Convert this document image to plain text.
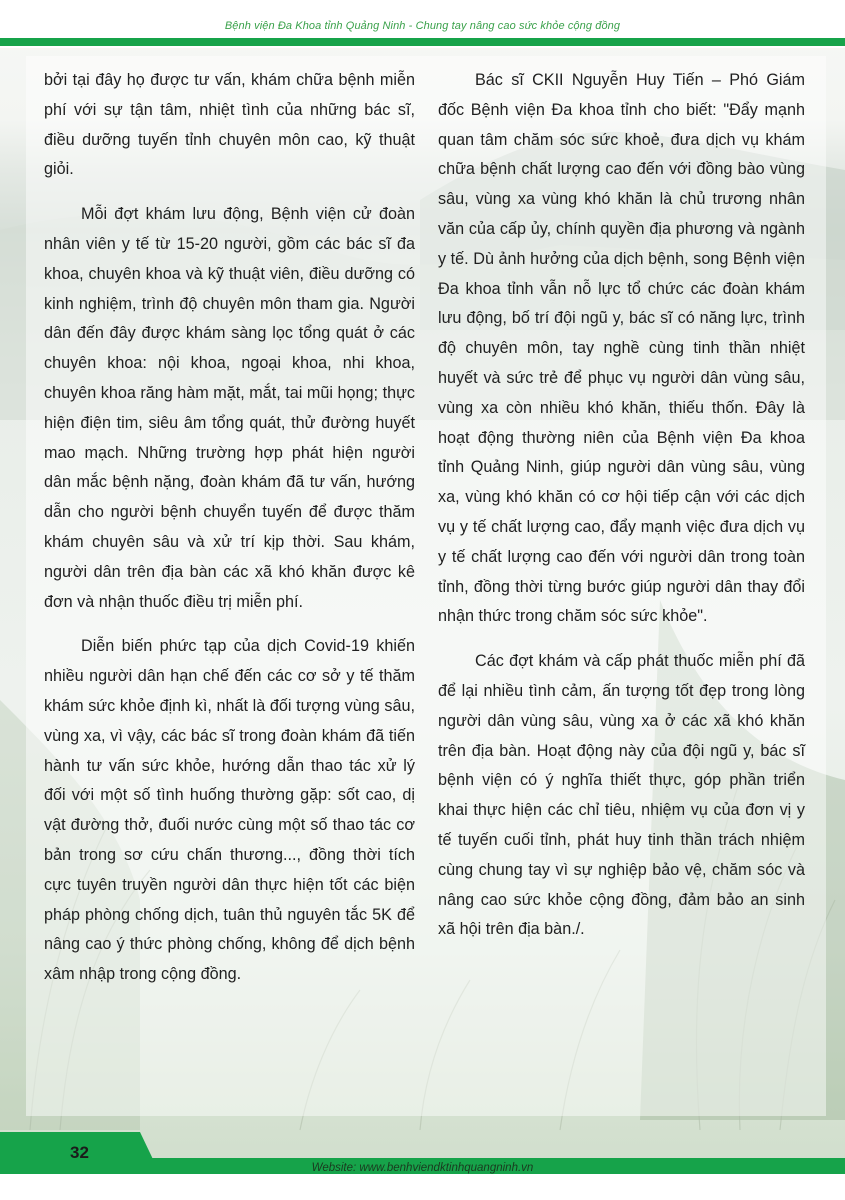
Bệnh viện Đa Khoa tỉnh Quảng Ninh - Chung tay nâng cao sức khỏe cộng đồng

bởi tại đây họ được tư vấn, khám chữa bệnh miễn phí với sự tận tâm, nhiệt tình của những bác sĩ, điều dưỡng tuyến tỉnh chuyên môn cao, kỹ thuật giỏi.

Mỗi đợt khám lưu động, Bệnh viện cử đoàn nhân viên y tế từ 15-20 người, gồm các bác sĩ đa khoa, chuyên khoa và kỹ thuật viên, điều dưỡng có kinh nghiệm, trình độ chuyên môn tham gia. Người dân đến đây được khám sàng lọc tổng quát ở các chuyên khoa: nội khoa, ngoại khoa, nhi khoa, chuyên khoa răng hàm mặt, mắt, tai mũi họng; thực hiện điện tim, siêu âm tổng quát, thử đường huyết mao mạch. Những trường hợp phát hiện người dân mắc bệnh nặng, đoàn khám đã tư vấn, hướng dẫn cho người bệnh chuyển tuyến để được thăm khám chuyên sâu và xử trí kịp thời. Sau khám, người dân trên địa bàn các xã khó khăn được kê đơn và nhận thuốc điều trị miễn phí.

Diễn biến phức tạp của dịch Covid-19 khiến nhiều người dân hạn chế đến các cơ sở y tế thăm khám sức khỏe định kì, nhất là đối tượng vùng sâu, vùng xa, vì vậy, các bác sĩ trong đoàn khám đã tiến hành tư vấn sức khỏe, hướng dẫn thao tác xử lý đối với một số tình huống thường gặp: sốt cao, dị vật đường thở, đuối nước cùng một số thao tác cơ bản trong sơ cứu chấn thương..., đồng thời tích cực tuyên truyền người dân thực hiện tốt các biện pháp phòng chống dịch, tuân thủ nguyên tắc 5K để nâng cao ý thức phòng chống, không để dịch bệnh xâm nhập trong cộng đồng.

Bác sĩ CKII Nguyễn Huy Tiến – Phó Giám đốc Bệnh viện Đa khoa tỉnh cho biết: "Đẩy mạnh quan tâm chăm sóc sức khoẻ, đưa dịch vụ khám chữa bệnh chất lượng cao đến với đồng bào vùng sâu, vùng xa vùng khó khăn là chủ trương nhân văn của cấp ủy, chính quyền địa phương và ngành y tế. Dù ảnh hưởng của dịch bệnh, song Bệnh viện Đa khoa tỉnh vẫn nỗ lực tổ chức các đoàn khám lưu động, bố trí đội ngũ y, bác sĩ có năng lực, trình độ chuyên môn, tay nghề cùng tinh thần nhiệt huyết và sức trẻ để phục vụ người dân vùng sâu, vùng xa còn nhiều khó khăn, thiếu thốn. Đây là hoạt động thường niên của Bệnh viện Đa khoa tỉnh Quảng Ninh, giúp người dân vùng sâu, vùng xa, vùng khó khăn có cơ hội tiếp cận với các dịch vụ y tế chất lượng cao, đẩy mạnh việc đưa dịch vụ y tế chất lượng cao đến với người dân trong toàn tỉnh, đồng thời từng bước giúp người dân thay đổi nhận thức trong chăm sóc sức khỏe".

Các đợt khám và cấp phát thuốc miễn phí đã để lại nhiều tình cảm, ấn tượng tốt đẹp trong lòng người dân vùng sâu, vùng xa ở các xã khó khăn trên địa bàn. Hoạt động này của đội ngũ y, bác sĩ bệnh viện có ý nghĩa thiết thực, góp phần triển khai thực hiện các chỉ tiêu, nhiệm vụ của đơn vị y tế tuyến cuối tỉnh, phát huy tinh thần trách nhiệm cùng chung tay vì sự nghiệp bảo vệ, chăm sóc và nâng cao sức khỏe cộng đồng, đảm bảo an sinh xã hội trên địa bàn./.

32
Website: www.benhviendktinhquangninh.vn
